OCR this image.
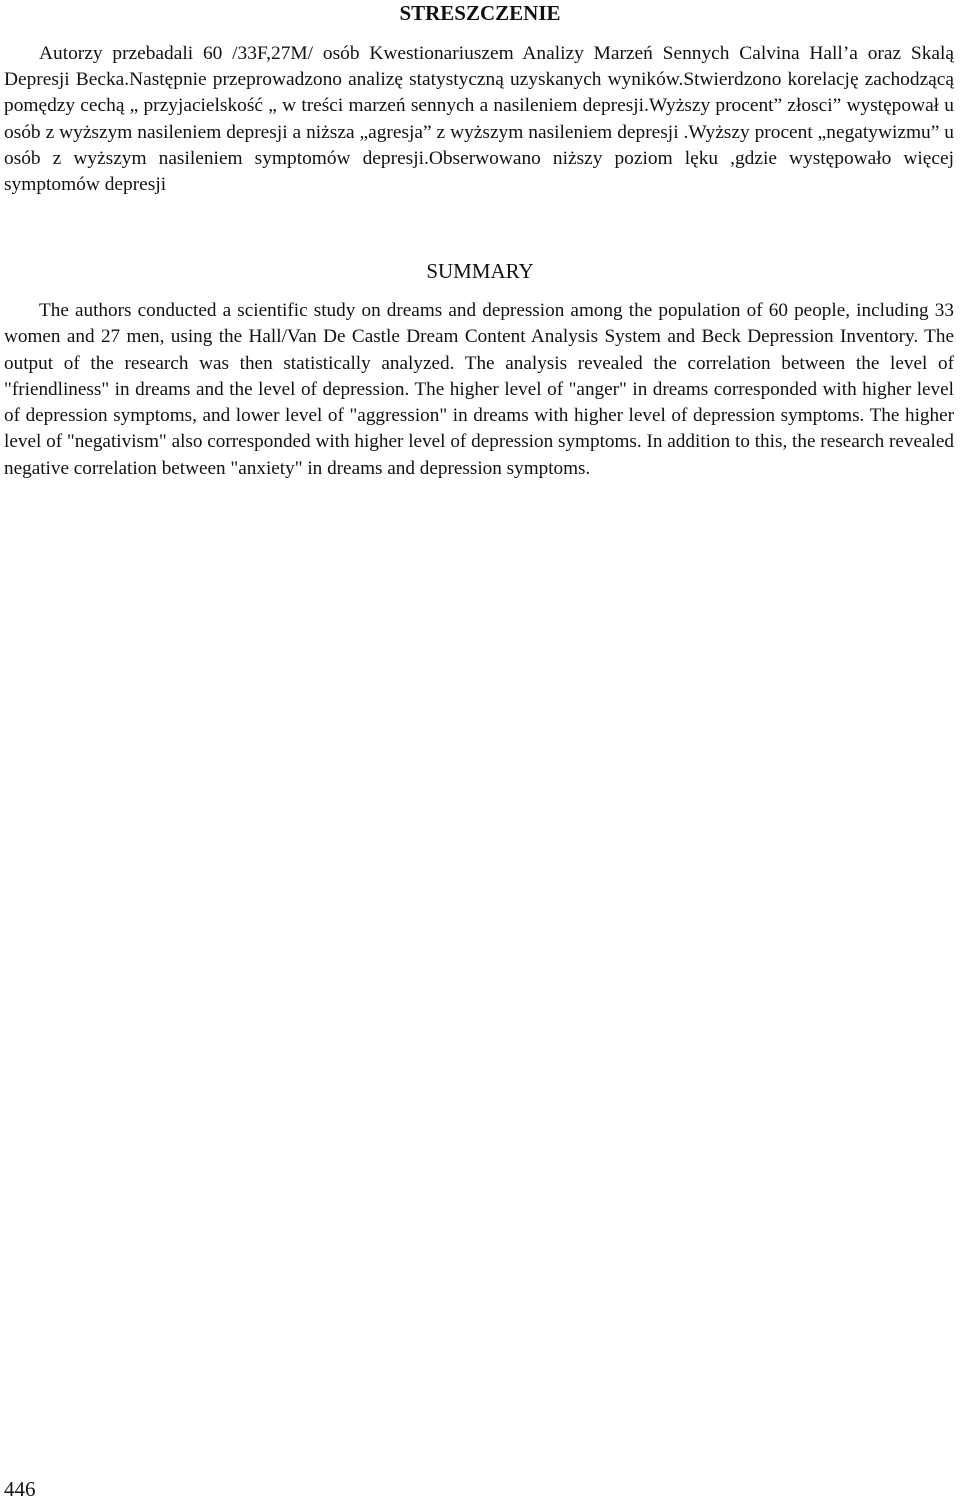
STRESZCZENIE

Autorzy przebadali 60 /33F,27M/ osób Kwestionariuszem Analizy Marzeń Sennych Calvina Hall’a oraz Skalą Depresji Becka.Następnie przeprowadzono analizę statystyczną uzyskanych wyników.Stwierdzono korelację zachodzącą pomędzy cechą „ przyjacielskość „ w treści marzeń sennych a nasileniem depresji.Wyższy procent” złosci” występował u osób z wyższym nasileniem depresji a niższa „agresja” z wyższym nasileniem depresji .Wyższy procent „negatywizmu” u osób z wyższym nasileniem symptomów depresji.Obserwowano niższy poziom lęku ,gdzie występowało więcej symptomów depresji

SUMMARY

The authors conducted a scientific study on dreams and depression among the population of 60 people, including 33 women and 27 men, using the Hall/Van De Castle Dream Content Analysis System and Beck Depression Inventory. The output of the research was then statistically analyzed. The analysis revealed the correlation between the level of "friendliness" in dreams and the level of depression. The higher level of "anger" in dreams corresponded with higher level of depression symptoms, and lower level of "aggression" in dreams with higher level of depression symptoms. The higher level of "negativism" also corresponded with higher level of depression symptoms. In addition to this, the research revealed negative correlation between "anxiety" in dreams and depression symptoms.

446
